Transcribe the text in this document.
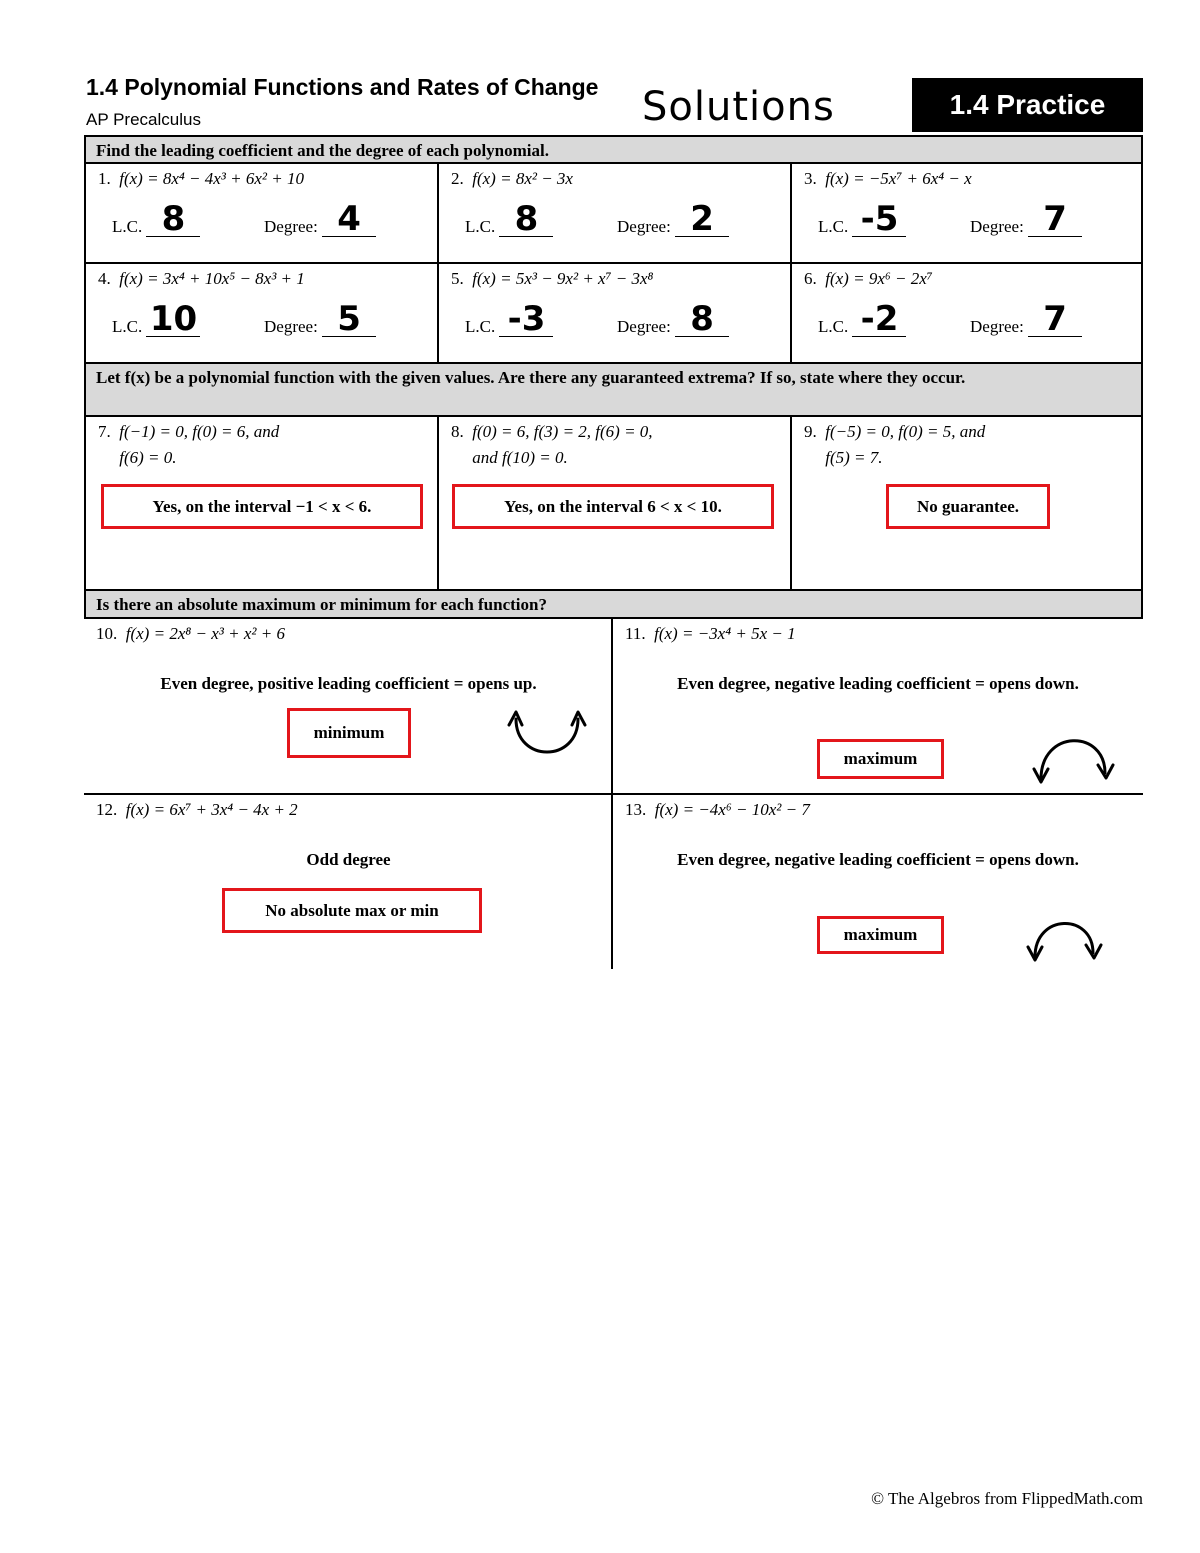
1.4 Polynomial Functions and Rates of Change
AP Precalculus	Solutions	1.4 Practice
Find the leading coefficient and the degree of each polynomial.
1. f(x) = 8x⁴ − 4x³ + 6x² + 10
L.C. 8	Degree: 4
2. f(x) = 8x² − 3x
L.C. 8	Degree: 2
3. f(x) = −5x⁷ + 6x⁴ − x
L.C. -5	Degree: 7
4. f(x) = 3x⁴ + 10x⁵ − 8x³ + 1
L.C. 10	Degree: 5
5. f(x) = 5x³ − 9x² + x⁷ − 3x⁸
L.C. -3	Degree: 8
6. f(x) = 9x⁶ − 2x⁷
L.C. -2	Degree: 7
Let f(x) be a polynomial function with the given values. Are there any guaranteed extrema? If so, state where they occur.
7. f(−1) = 0, f(0) = 6, and
f(6) = 0.
Yes, on the interval −1 < x < 6.
8. f(0) = 6, f(3) = 2, f(6) = 0,
and f(10) = 0.
Yes, on the interval 6 < x < 10.
9. f(−5) = 0, f(0) = 5, and
f(5) = 7.
No guarantee.
Is there an absolute maximum or minimum for each function?
10. f(x) = 2x⁸ − x³ + x² + 6
Even degree, positive leading coefficient = opens up.
minimum
11. f(x) = −3x⁴ + 5x − 1
Even degree, negative leading coefficient = opens down.
maximum
12. f(x) = 6x⁷ + 3x⁴ − 4x + 2
Odd degree
No absolute max or min
13. f(x) = −4x⁶ − 10x² − 7
Even degree, negative leading coefficient = opens down.
maximum
© The Algebros from FlippedMath.com
